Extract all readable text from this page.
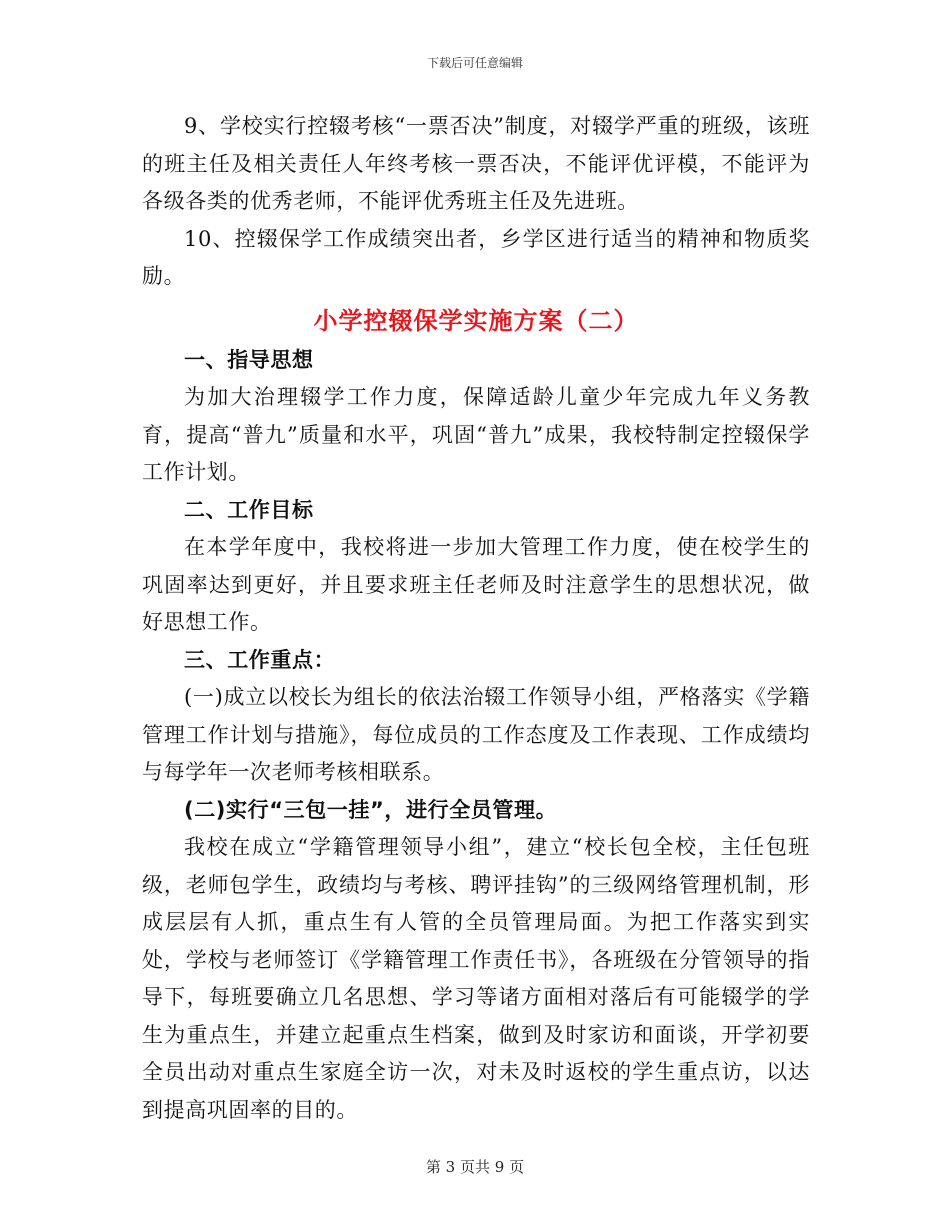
下载后可任意编辑

9、学校实行控辍考核“一票否决”制度，对辍学严重的班级，该班的班主任及相关责任人年终考核一票否决，不能评优评模，不能评为各级各类的优秀老师，不能评优秀班主任及先进班。

10、控辍保学工作成绩突出者，乡学区进行适当的精神和物质奖励。

小学控辍保学实施方案（二）

一、指导思想

为加大治理辍学工作力度，保障适龄儿童少年完成九年义务教育，提高“普九”质量和水平，巩固“普九”成果，我校特制定控辍保学工作计划。

二、工作目标

在本学年度中，我校将进一步加大管理工作力度，使在校学生的巩固率达到更好，并且要求班主任老师及时注意学生的思想状况，做好思想工作。

三、工作重点：

(一)成立以校长为组长的依法治辍工作领导小组，严格落实《学籍管理工作计划与措施》，每位成员的工作态度及工作表现、工作成绩均与每学年一次老师考核相联系。

(二)实行“三包一挂”，进行全员管理。

我校在成立“学籍管理领导小组”，建立“校长包全校，主任包班级，老师包学生，政绩均与考核、聘评挂钩”的三级网络管理机制，形成层层有人抓，重点生有人管的全员管理局面。为把工作落实到实处，学校与老师签订《学籍管理工作责任书》，各班级在分管领导的指导下，每班要确立几名思想、学习等诸方面相对落后有可能辍学的学生为重点生，并建立起重点生档案，做到及时家访和面谈，开学初要全员出动对重点生家庭全访一次，对未及时返校的学生重点访，以达到提高巩固率的目的。

第 3 页共 9 页
